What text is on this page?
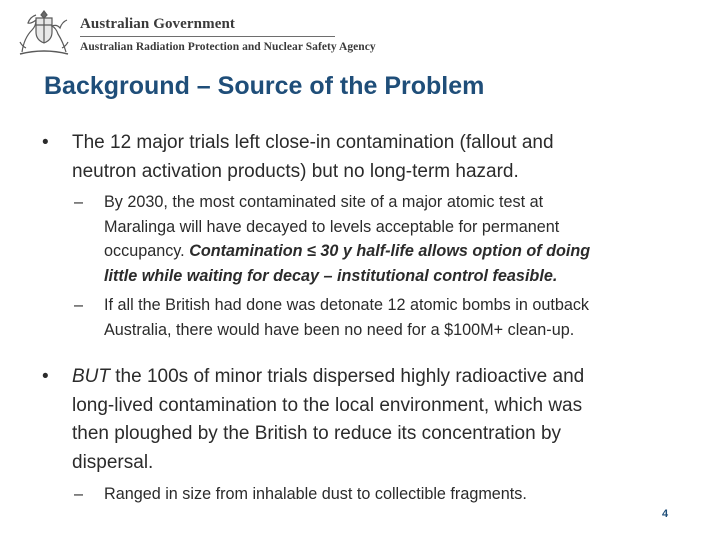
Australian Government
Australian Radiation Protection and Nuclear Safety Agency
Background – Source of the Problem
• The 12 major trials left close-in contamination (fallout and
neutron activation products) but no long-term hazard.
– By 2030, the most contaminated site of a major atomic test at
Maralinga will have decayed to levels acceptable for permanent
occupancy. Contamination ≤ 30 y half-life allows option of doing
little while waiting for decay – institutional control feasible.
– If all the British had done was detonate 12 atomic bombs in outback
Australia, there would have been no need for a $100M+ clean-up.
• BUT the 100s of minor trials dispersed highly radioactive and
long-lived contamination to the local environment, which was
then ploughed by the British to reduce its concentration by
dispersal.
– Ranged in size from inhalable dust to collectible fragments.
4
